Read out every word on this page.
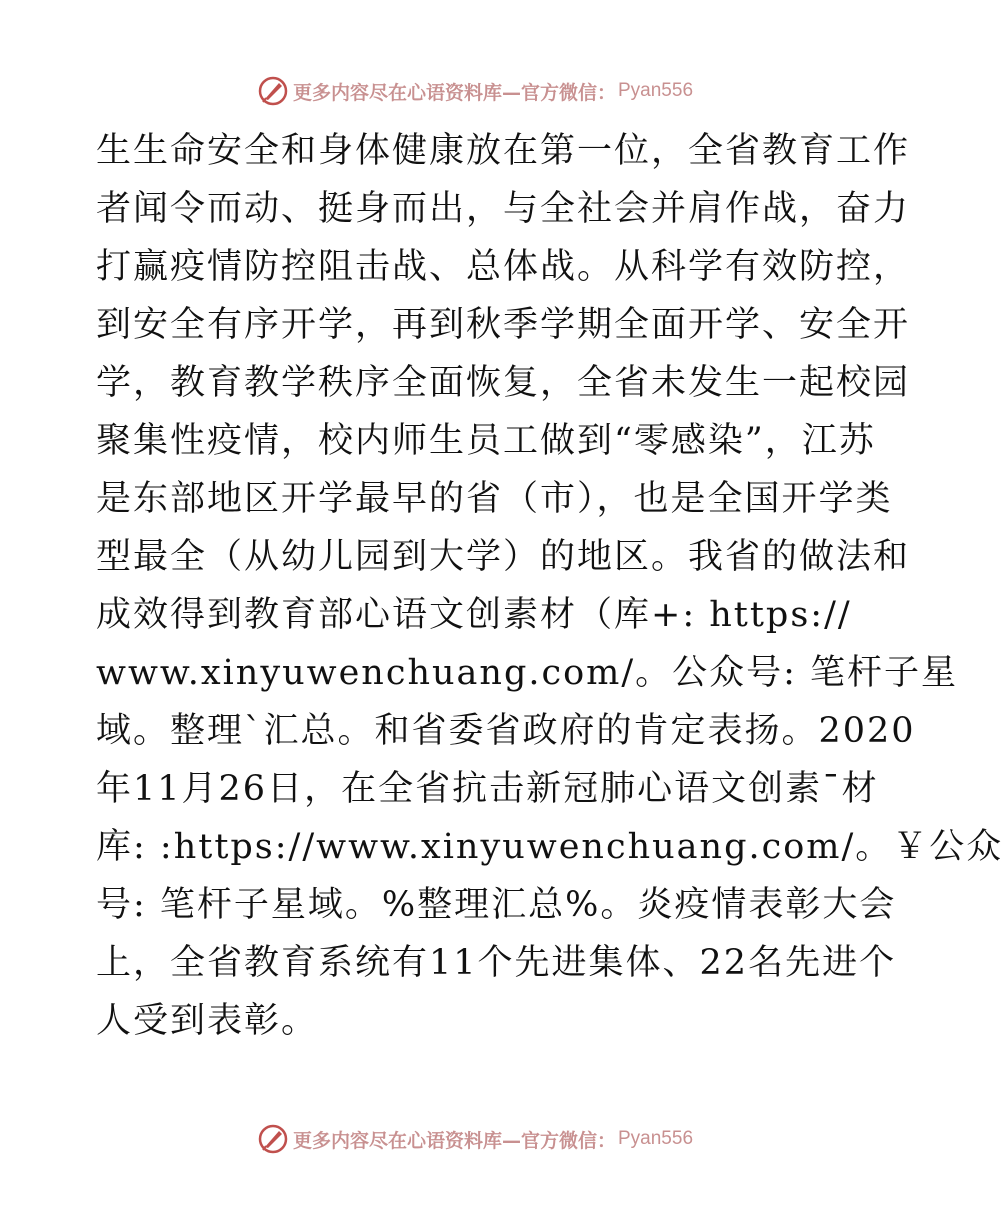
更多内容尽在心语资料库—官方微信： Pyan556
生生命安全和身体健康放在第一位，全省教育工作
者闻令而动、挺身而出，与全社会并肩作战，奋力
打赢疫情防控阻击战、总体战。从科学有效防控，
到安全有序开学，再到秋季学期全面开学、安全开
学，教育教学秩序全面恢复，全省未发生一起校园
聚集性疫情，校内师生员工做到“零感染”，江苏
是东部地区开学最早的省（市），也是全国开学类
型最全（从幼儿园到大学）的地区。我省的做法和
成效得到教育部心语文创素材（库+: https://
www.xinyuwenchuang.com/。公众号: 笔杆子星
域。整理`汇总。和省委省政府的肯定表扬。2020
年11月26日，在全省抗击新冠肺心语文创素¯材
库: :https://www.xinyuwenchuang.com/。￥公众
号: 笔杆子星域。%整理汇总%。炎疫情表彰大会
上，全省教育系统有11个先进集体、22名先进个
人受到表彰。
更多内容尽在心语资料库—官方微信： Pyan556
